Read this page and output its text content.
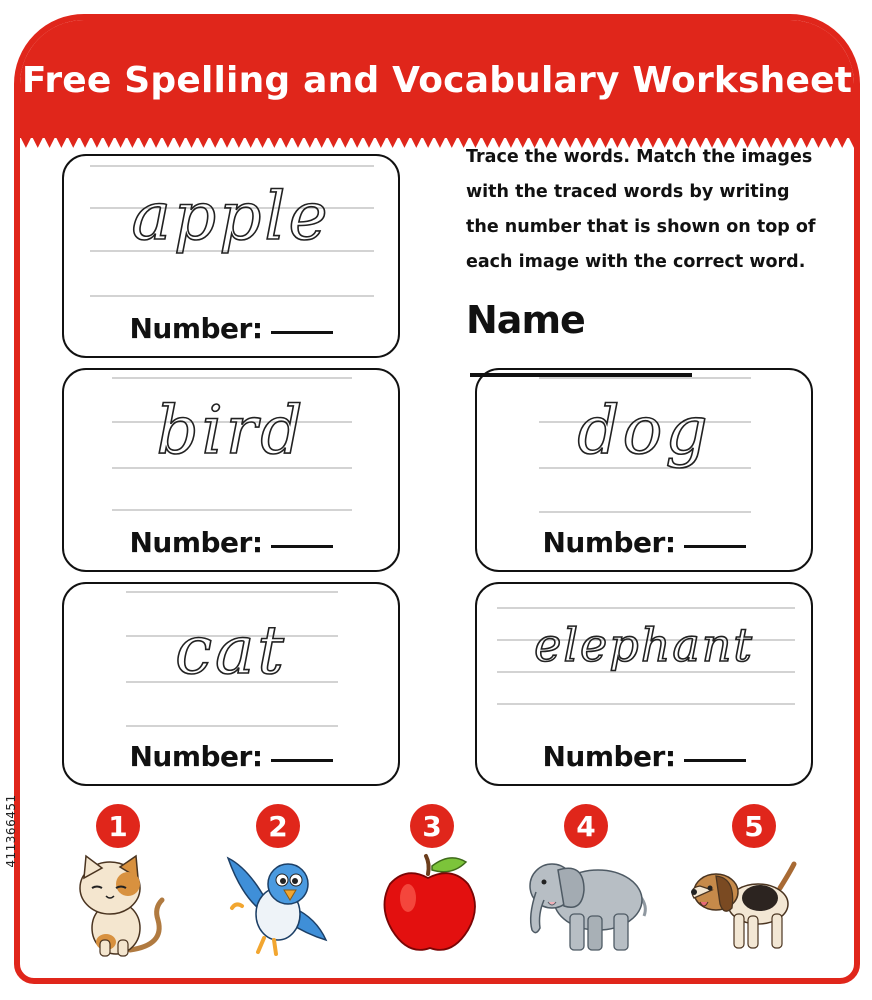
Free Spelling and Vocabulary Worksheet
apple
Number:
bird
Number:
cat
Number:
dog
Number:
elephant
Number:
Trace the words. Match the images with the traced words by writing the number that is shown on top of each image with the correct word.
Name
1	2	3	4	5
411366451
